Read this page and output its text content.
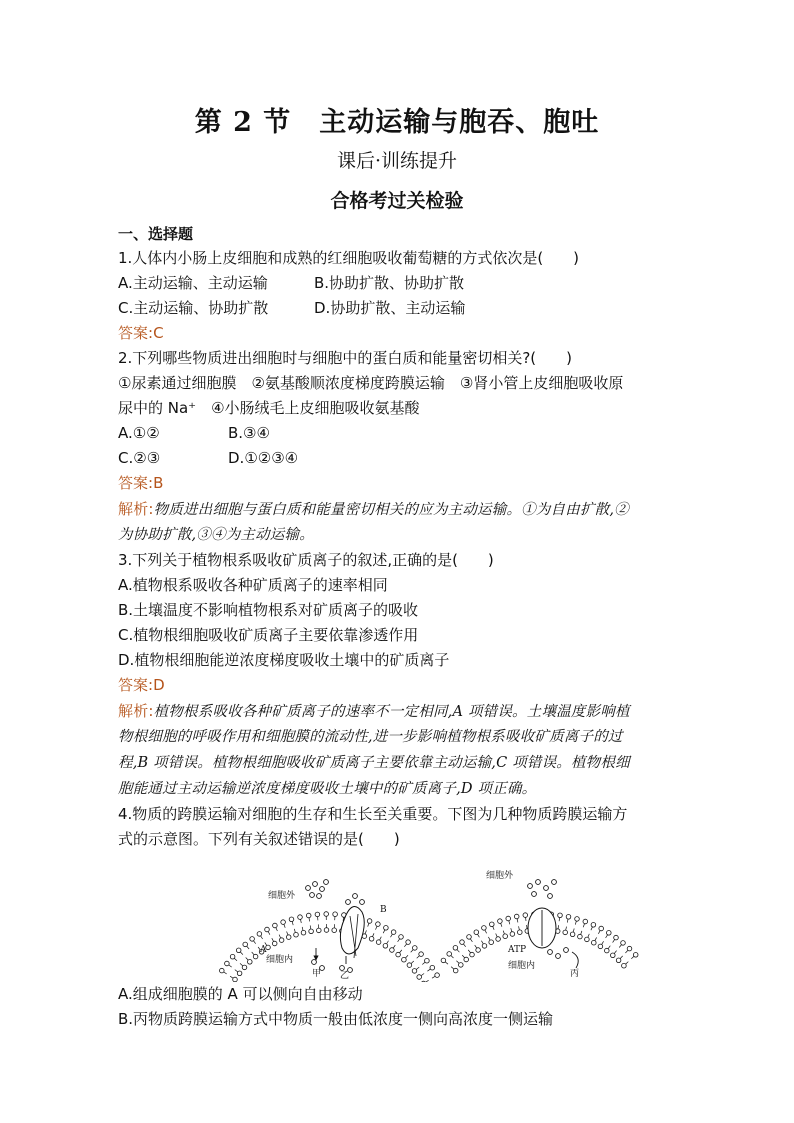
第 2 节　主动运输与胞吞、胞吐
课后·训练提升
合格考过关检验
一、选择题
1.人体内小肠上皮细胞和成熟的红细胞吸收葡萄糖的方式依次是(　　)
A.主动运输、主动运输	B.协助扩散、协助扩散
C.主动运输、协助扩散	D.协助扩散、主动运输
答案:C
2.下列哪些物质进出细胞时与细胞中的蛋白质和能量密切相关?(　　)
①尿素通过细胞膜　②氨基酸顺浓度梯度跨膜运输　③肾小管上皮细胞吸收原
尿中的 Na⁺　④小肠绒毛上皮细胞吸收氨基酸
A.①②	B.③④
C.②③	D.①②③④
答案:B
解析:物质进出细胞与蛋白质和能量密切相关的应为主动运输。①为自由扩散,②
为协助扩散,③④为主动运输。
3.下列关于植物根系吸收矿质离子的叙述,正确的是(　　)
A.植物根系吸收各种矿质离子的速率相同
B.土壤温度不影响植物根系对矿质离子的吸收
C.植物根细胞吸收矿质离子主要依靠渗透作用
D.植物根细胞能逆浓度梯度吸收土壤中的矿质离子
答案:D
解析:植物根系吸收各种矿质离子的速率不一定相同,A 项错误。土壤温度影响植
物根细胞的呼吸作用和细胞膜的流动性,进一步影响植物根系吸收矿质离子的过
程,B 项错误。植物根细胞吸收矿质离子主要依靠主动运输,C 项错误。植物根细
胞能通过主动运输逆浓度梯度吸收土壤中的矿质离子,D 项正确。
4.物质的跨膜运输对细胞的生存和生长至关重要。下图为几种物质跨膜运输方
式的示意图。下列有关叙述错误的是(　　)
细胞外
细胞内
A
B
甲 乙
细胞外
细胞内
ATP
丙
A.组成细胞膜的 A 可以侧向自由移动
B.丙物质跨膜运输方式中物质一般由低浓度一侧向高浓度一侧运输
